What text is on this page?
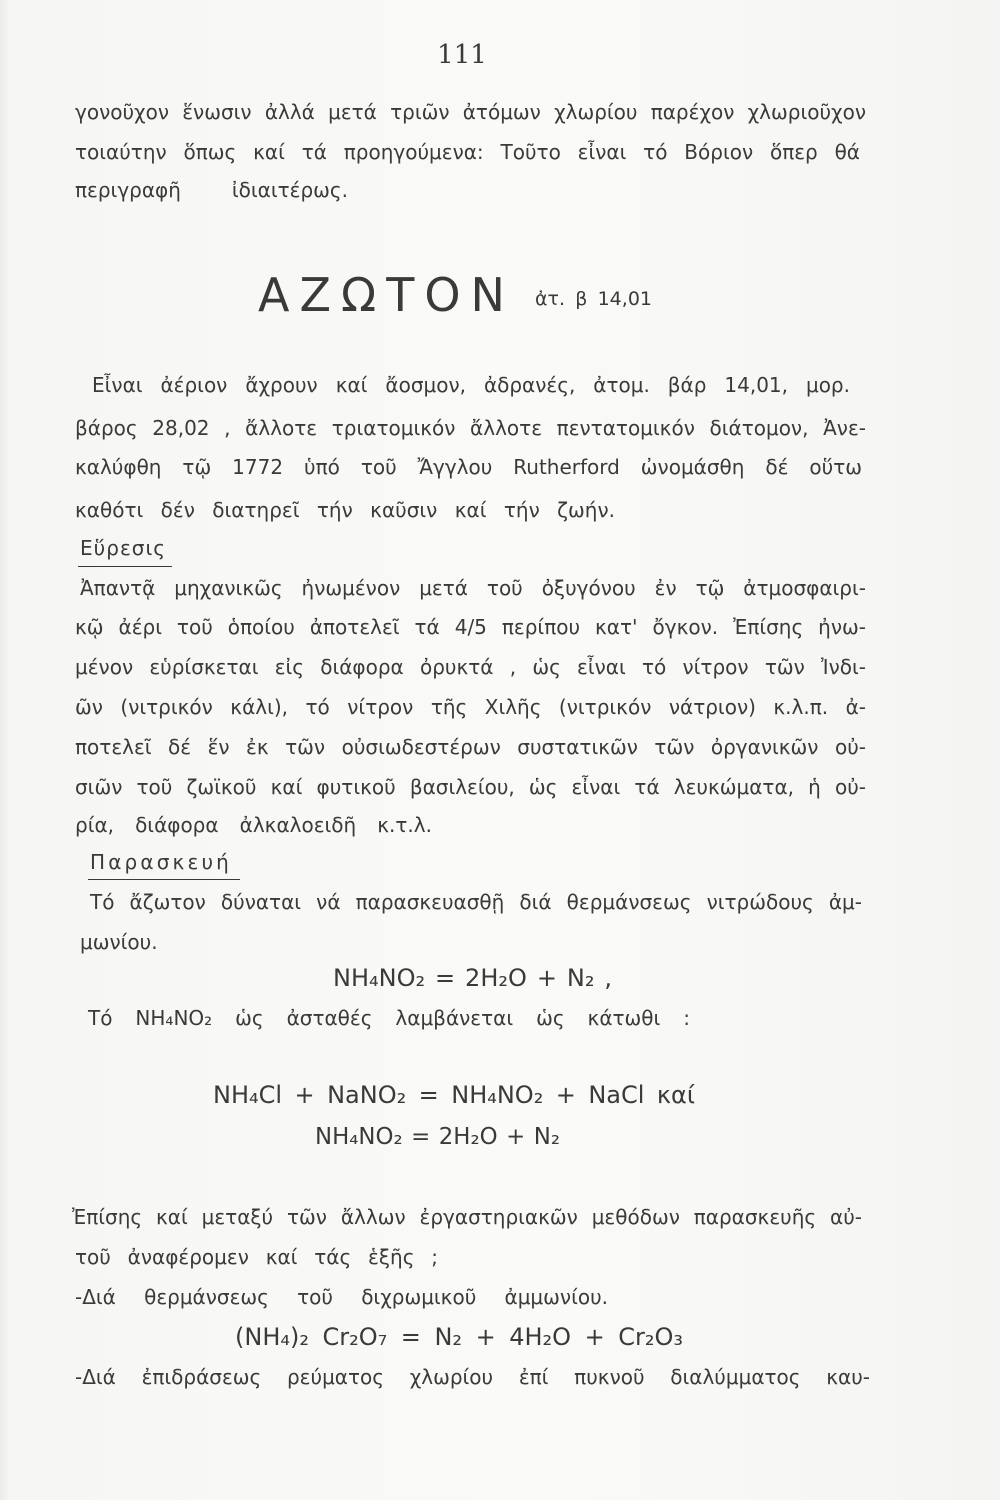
111
γονοῦχον ἕνωσιν ἀλλά μετά τριῶν ἀτόμων χλωρίου παρέχον χλωριοῦχον
τοιαύτην ὅπως καί τά προηγούμενα: Τοῦτο εἶναι τό Βόριον ὅπερ θά
περιγραφῆ ἰδιαιτέρως.
ΑΖΩΤΟΝ ἀτ. β 14,01
Εἶναι ἀέριον ἄχρουν καί ἄοσμον, ἀδρανές, ἀτομ. βάρ 14,01, μορ.
βάρος 28,02 , ἄλλοτε τριατομικόν ἄλλοτε πεντατομικόν διάτομον, Ἀνε-
καλύφθη τῷ 1772 ὑπό τοῦ Ἄγγλου Rutherford ὠνομάσθη δέ οὕτω
καθότι δέν διατηρεῖ τήν καῦσιν καί τήν ζωήν.
Εὕρεσις
Ἀπαντᾷ μηχανικῶς ἠνωμένον μετά τοῦ ὀξυγόνου ἐν τῷ ἀτμοσφαιρι-
κῷ ἀέρι τοῦ ὁποίου ἀποτελεῖ τά 4/5 περίπου κατ' ὄγκον. Ἐπίσης ἠνω-
μένον εὑρίσκεται εἰς διάφορα ὀρυκτά , ὡς εἶναι τό νίτρον τῶν Ἰνδι-
ῶν (νιτρικόν κάλι), τό νίτρον τῆς Χιλῆς (νιτρικόν νάτριον) κ.λ.π. ἀ-
ποτελεῖ δέ ἕν ἐκ τῶν οὐσιωδεστέρων συστατικῶν τῶν ὀργανικῶν οὐ-
σιῶν τοῦ ζωϊκοῦ καί φυτικοῦ βασιλείου, ὡς εἶναι τά λευκώματα, ἡ οὐ-
ρία, διάφορα ἀλκαλοειδῆ κ.τ.λ.
Παρασκευή
Τό ἄζωτον δύναται νά παρασκευασθῇ διά θερμάνσεως νιτρώδους ἀμ-
μωνίου.
NH₄NO₂ = 2H₂O + N₂ ,
Τό NH₄NO₂ ὡς ἀσταθές λαμβάνεται ὡς κάτωθι :
NH₄Cl + NaNO₂ = NH₄NO₂ + NaCl καί
NH₄NO₂ = 2H₂O + N₂
Ἐπίσης καί μεταξύ τῶν ἄλλων ἐργαστηριακῶν μεθόδων παρασκευῆς αὐ-
τοῦ ἀναφέρομεν καί τάς ἑξῆς ;
-Διά θερμάνσεως τοῦ διχρωμικοῦ ἀμμωνίου.
(NH₄)₂ Cr₂O₇ = N₂ + 4H₂O + Cr₂O₃
-Διά ἐπιδράσεως ρεύματος χλωρίου ἐπί πυκνοῦ διαλύμματος καυ-
